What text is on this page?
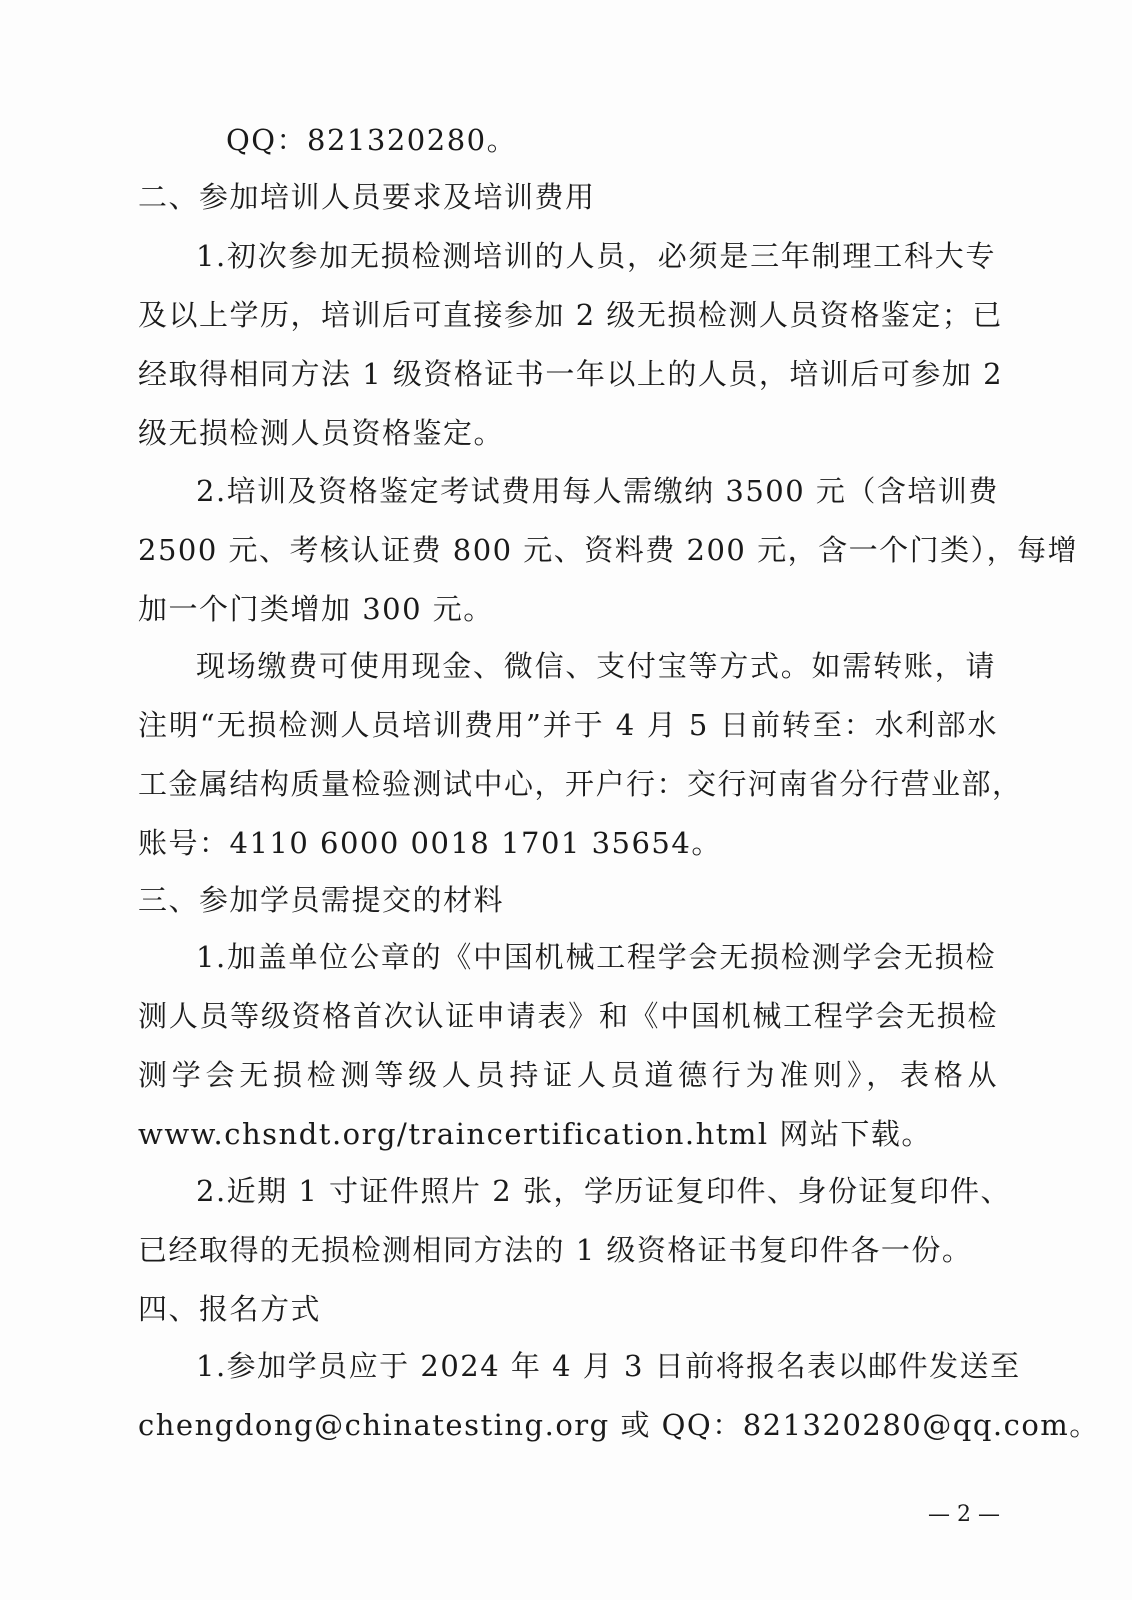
QQ：821320280。
二、参加培训人员要求及培训费用
1.初次参加无损检测培训的人员，必须是三年制理工科大专
及以上学历，培训后可直接参加 2 级无损检测人员资格鉴定；已
经取得相同方法 1 级资格证书一年以上的人员，培训后可参加 2
级无损检测人员资格鉴定。
2.培训及资格鉴定考试费用每人需缴纳 3500 元（含培训费
2500 元、考核认证费 800 元、资料费 200 元，含一个门类），每增
加一个门类增加 300 元。
现场缴费可使用现金、微信、支付宝等方式。如需转账，请
注明“无损检测人员培训费用”并于 4 月 5 日前转至：水利部水
工金属结构质量检验测试中心，开户行：交行河南省分行营业部，
账号：4110 6000 0018 1701 35654。
三、参加学员需提交的材料
1.加盖单位公章的《中国机械工程学会无损检测学会无损检
测人员等级资格首次认证申请表》和《中国机械工程学会无损检
测学会无损检测等级人员持证人员道德行为准则》，表格从
www.chsndt.org/traincertification.html 网站下载。
2.近期 1 寸证件照片 2 张，学历证复印件、身份证复印件、
已经取得的无损检测相同方法的 1 级资格证书复印件各一份。
四、报名方式
1.参加学员应于 2024 年 4 月 3 日前将报名表以邮件发送至
chengdong@chinatesting.org 或 QQ：821320280@qq.com。
— 2 —
